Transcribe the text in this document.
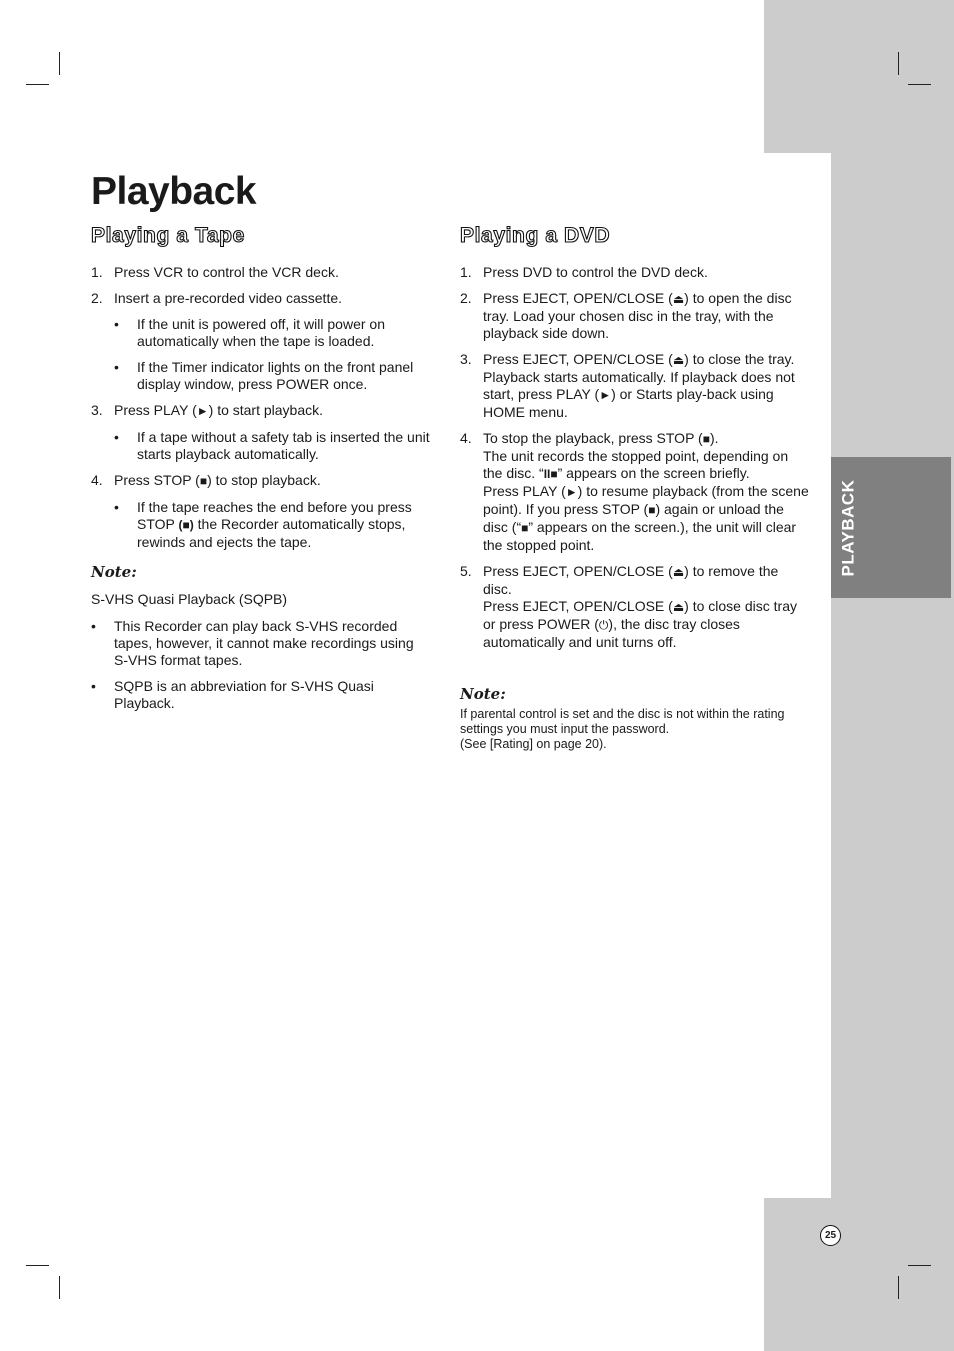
PLAYBACK
Playback
Playing a Tape
1. Press VCR to control the VCR deck.
2. Insert a pre-recorded video cassette.
• If the unit is powered off, it will power on automatically when the tape is loaded.
• If the Timer indicator lights on the front panel display window, press POWER once.
3. Press PLAY (►) to start playback.
• If a tape without a safety tab is inserted the unit starts playback automatically.
4. Press STOP (■) to stop playback.
• If the tape reaches the end before you press STOP (■) the Recorder automatically stops, rewinds and ejects the tape.
Note:
S-VHS Quasi Playback (SQPB)
• This Recorder can play back S-VHS recorded tapes, however, it cannot make recordings using S-VHS format tapes.
• SQPB is an abbreviation for S-VHS Quasi Playback.
Playing a DVD
1. Press DVD to control the DVD deck.
2. Press EJECT, OPEN/CLOSE (⏏) to open the disc tray. Load your chosen disc in the tray, with the playback side down.
3. Press EJECT, OPEN/CLOSE (⏏) to close the tray. Playback starts automatically. If playback does not start, press PLAY (►) or Starts play-back using HOME menu.
4. To stop the playback, press STOP (■).
The unit records the stopped point, depending on the disc. “II■” appears on the screen briefly.
Press PLAY (►) to resume playback (from the scene point). If you press STOP (■) again or unload the disc (“■” appears on the screen.), the unit will clear the stopped point.
5. Press EJECT, OPEN/CLOSE (⏏) to remove the disc.
Press EJECT, OPEN/CLOSE (⏏) to close disc tray or press POWER (⏻), the disc tray closes automatically and unit turns off.
Note:
If parental control is set and the disc is not within the rating settings you must input the password.
(See [Rating] on page 20).
25
